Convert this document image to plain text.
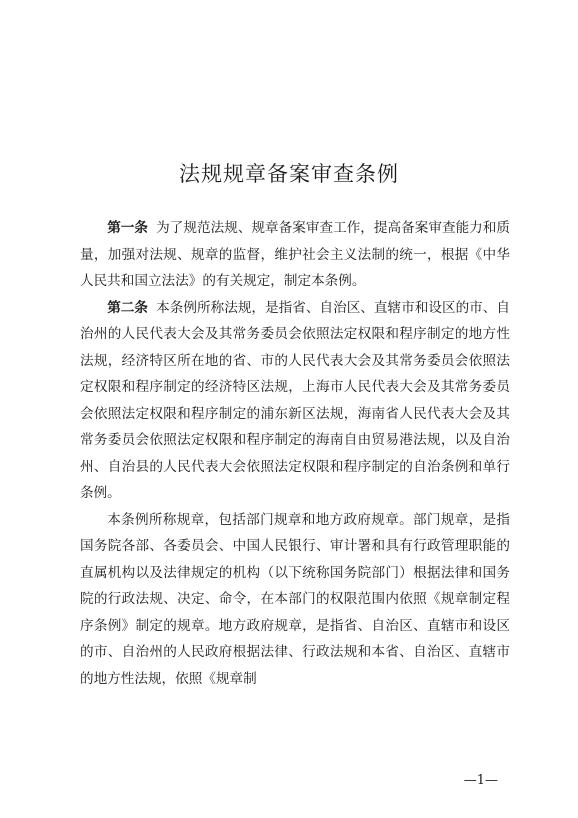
法规规章备案审查条例

第一条 为了规范法规、规章备案审查工作，提高备案审查能力和质量，加强对法规、规章的监督，维护社会主义法制的统一，根据《中华人民共和国立法法》的有关规定，制定本条例。

第二条 本条例所称法规，是指省、自治区、直辖市和设区的市、自治州的人民代表大会及其常务委员会依照法定权限和程序制定的地方性法规，经济特区所在地的省、市的人民代表大会及其常务委员会依照法定权限和程序制定的经济特区法规，上海市人民代表大会及其常务委员会依照法定权限和程序制定的浦东新区法规，海南省人民代表大会及其常务委员会依照法定权限和程序制定的海南自由贸易港法规，以及自治州、自治县的人民代表大会依照法定权限和程序制定的自治条例和单行条例。

本条例所称规章，包括部门规章和地方政府规章。部门规章，是指国务院各部、各委员会、中国人民银行、审计署和具有行政管理职能的直属机构以及法律规定的机构（以下统称国务院部门）根据法律和国务院的行政法规、决定、命令，在本部门的权限范围内依照《规章制定程序条例》制定的规章。地方政府规章，是指省、自治区、直辖市和设区的市、自治州的人民政府根据法律、行政法规和本省、自治区、直辖市的地方性法规，依照《规章制

—1—
